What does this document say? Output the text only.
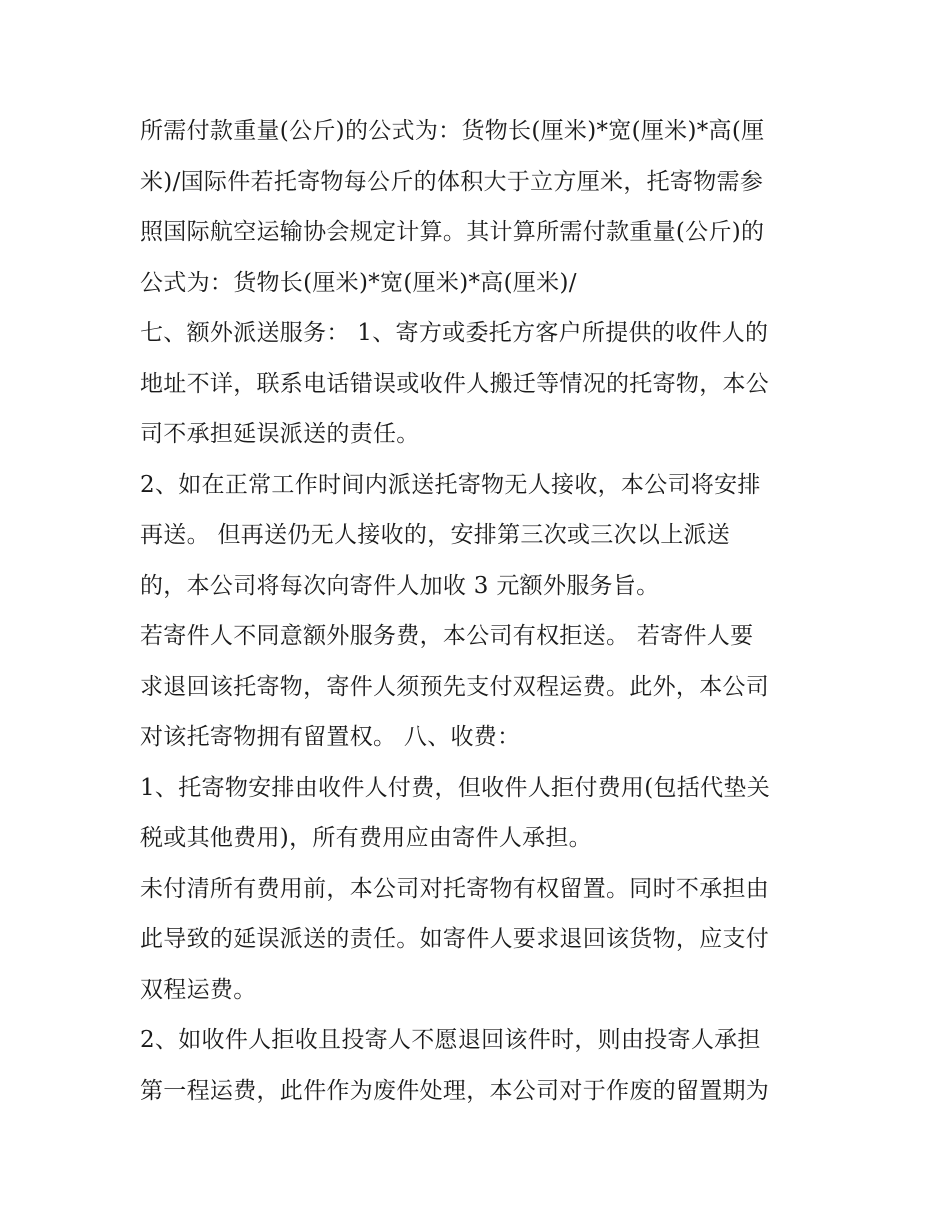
所需付款重量(公斤)的公式为：货物长(厘米)*宽(厘米)*高(厘
米)/国际件若托寄物每公斤的体积大于立方厘米，托寄物需参
照国际航空运输协会规定计算。其计算所需付款重量(公斤)的
公式为：货物长(厘米)*宽(厘米)*高(厘米)/
七、额外派送服务： 1、寄方或委托方客户所提供的收件人的
地址不详，联系电话错误或收件人搬迁等情况的托寄物，本公
司不承担延误派送的责任。
2、如在正常工作时间内派送托寄物无人接收，本公司将安排
再送。 但再送仍无人接收的，安排第三次或三次以上派送
的，本公司将每次向寄件人加收 3 元额外服务旨。
若寄件人不同意额外服务费，本公司有权拒送。 若寄件人要
求退回该托寄物，寄件人须预先支付双程运费。此外，本公司
对该托寄物拥有留置权。 八、收费：
1、托寄物安排由收件人付费，但收件人拒付费用(包括代垫关
税或其他费用)，所有费用应由寄件人承担。
未付清所有费用前，本公司对托寄物有权留置。同时不承担由
此导致的延误派送的责任。如寄件人要求退回该货物，应支付
双程运费。
2、如收件人拒收且投寄人不愿退回该件时，则由投寄人承担
第一程运费，此件作为废件处理，本公司对于作废的留置期为
